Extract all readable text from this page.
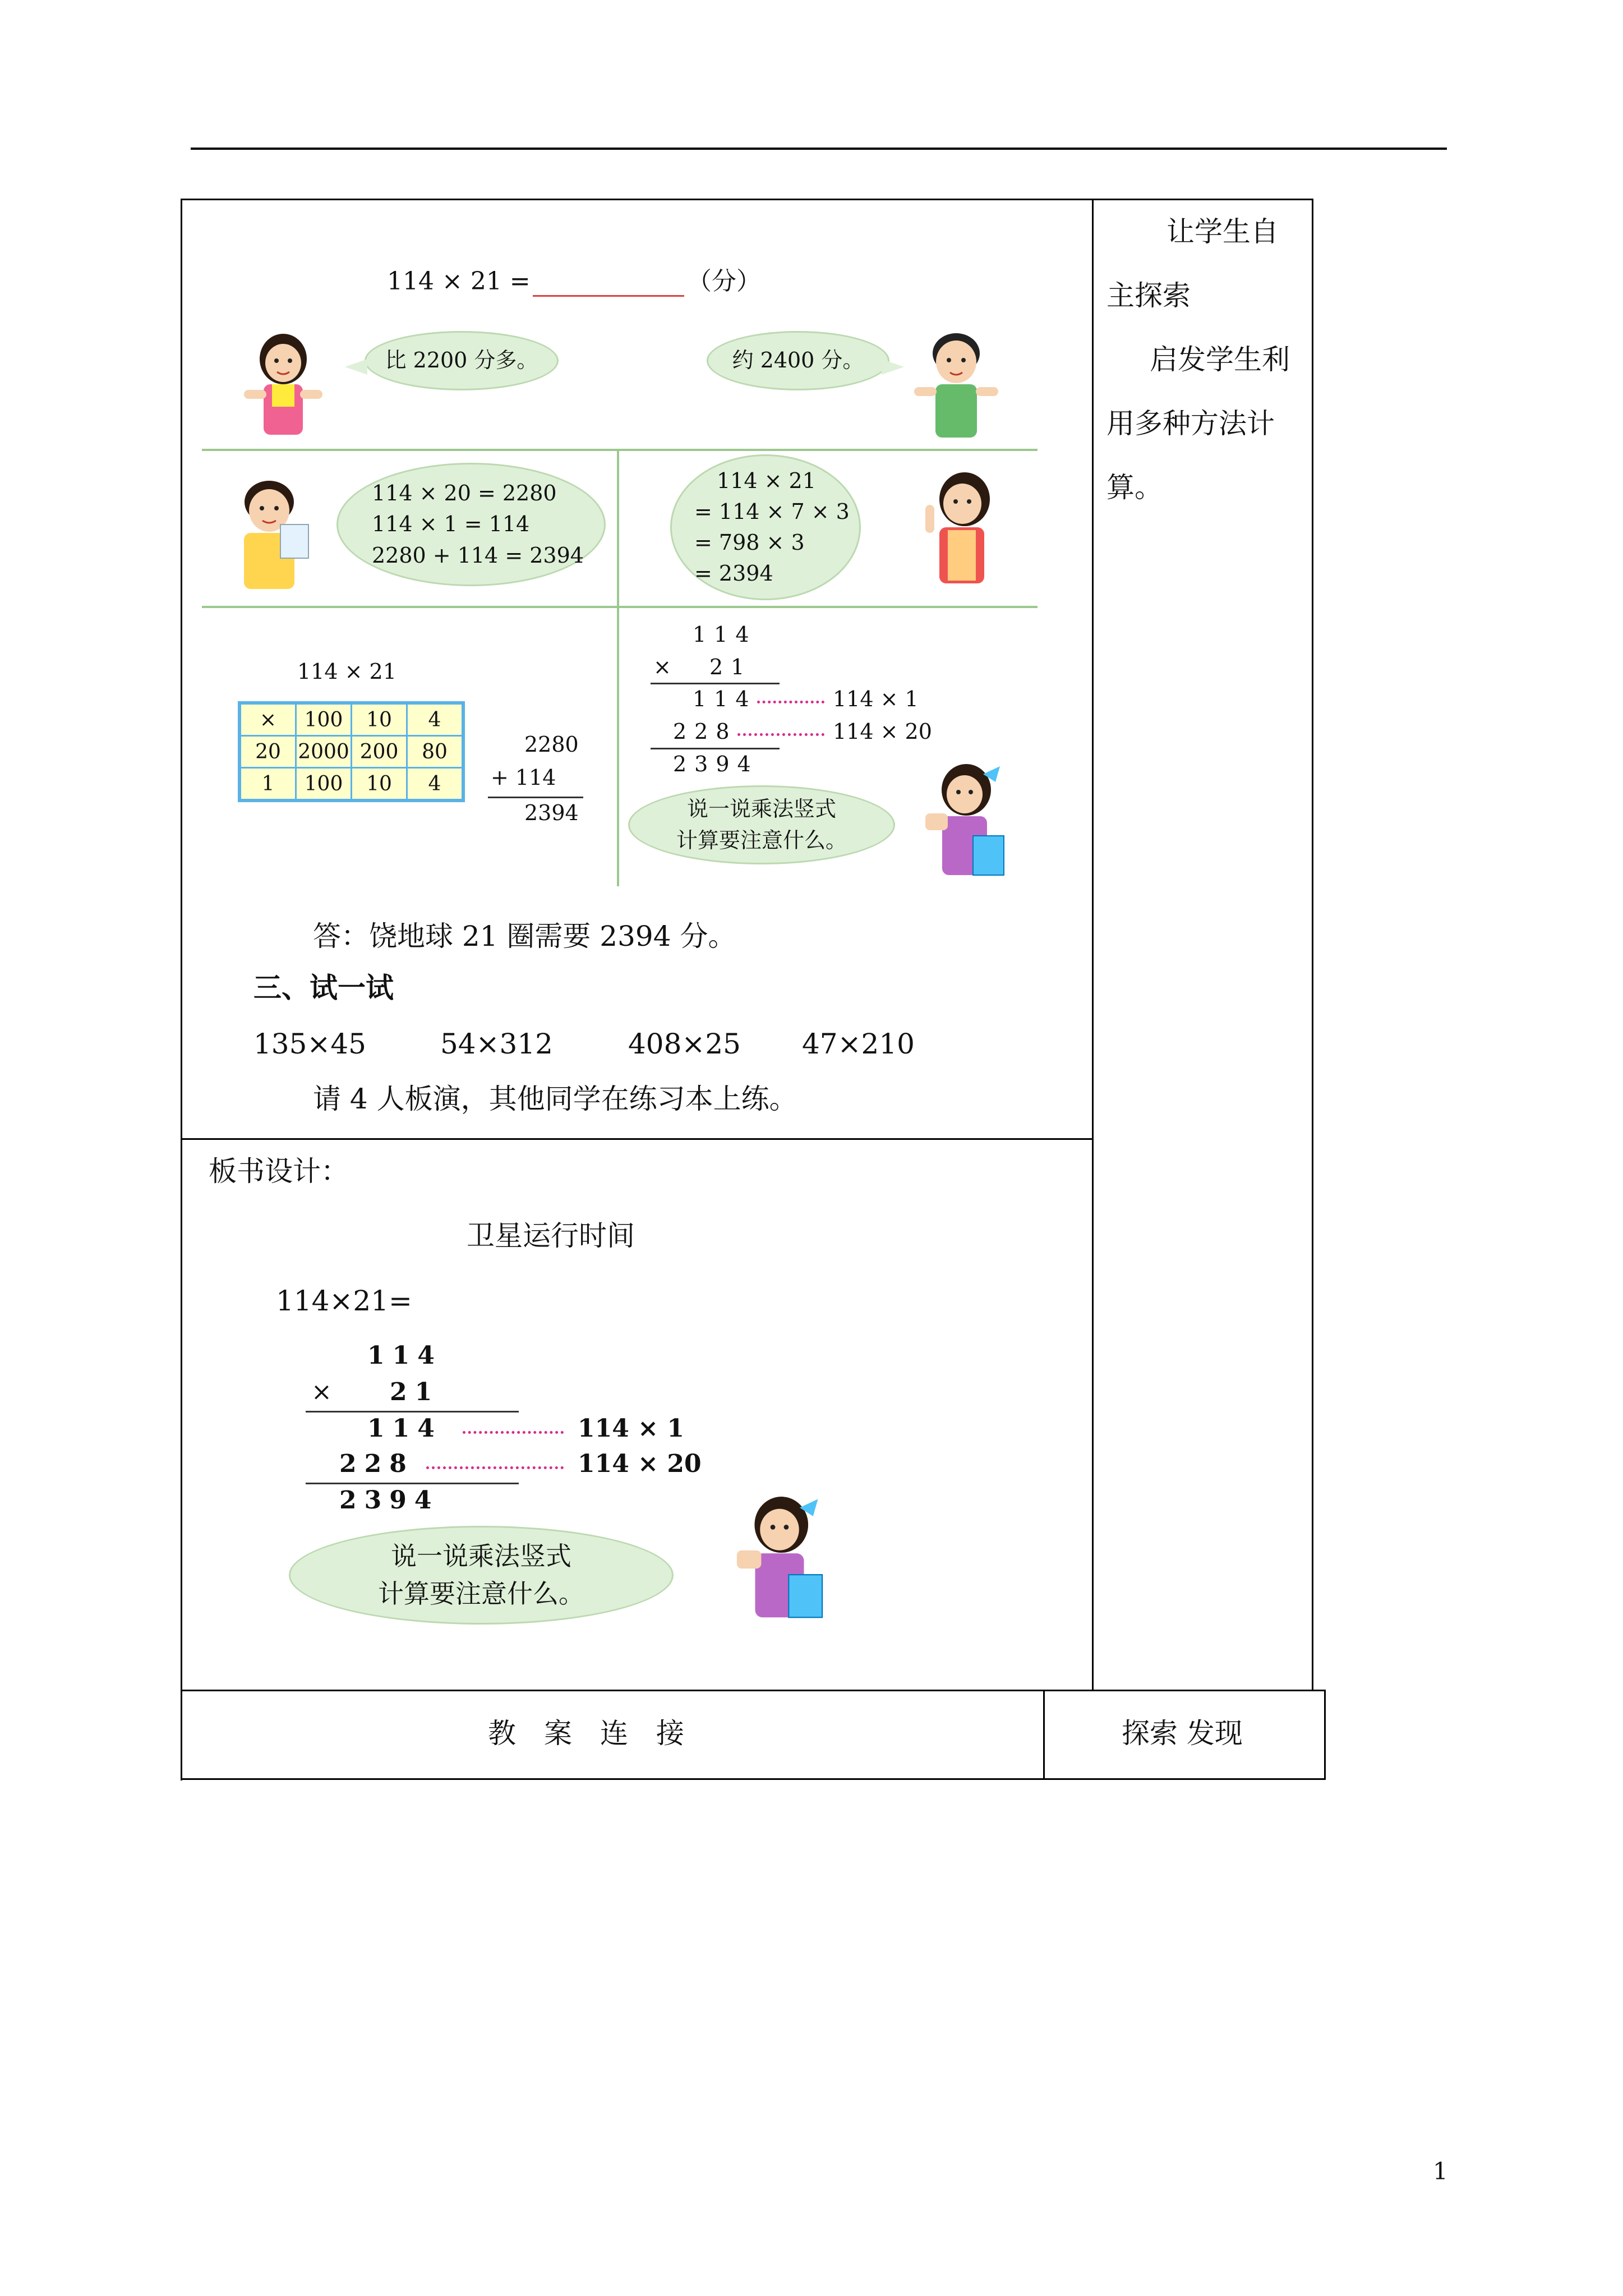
114 × 21 =	（分）
比 2200 分多。	约 2400 分。
114 × 20 = 2280
114 × 1 = 114
2280 + 114 = 2394
114 × 21
= 114 × 7 × 3
= 798 × 3
= 2394
114 × 21
×	100	10	4
20	2000	200	80
1	100	10	4
2280
+ 114
2394
114
× 21
114	114 × 1
228	114 × 20
2394
说一说乘法竖式
计算要注意什么。
答：饶地球 21 圈需要 2394 分。
三、试一试
135×45	54×312	408×25 47×210
请 4 人板演，其他同学在练习本上练。
让学生自
主探索
启发学生利
用多种方法计
算。
板书设计：
卫星运行时间
114×21=
114
× 21
114	114 × 1
228	114 × 20
2394
说一说乘法竖式
计算要注意什么。
教　案　连　接	探索 发现
1
